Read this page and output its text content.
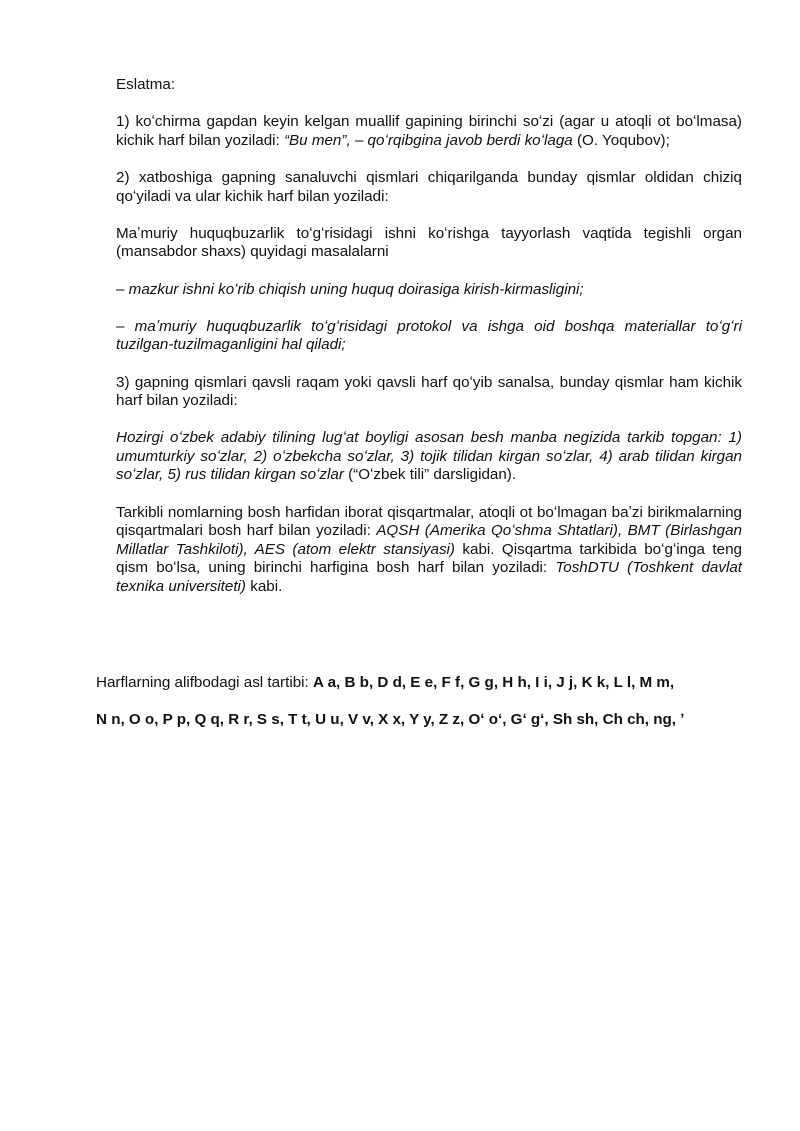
Eslatma:

1) koʻchirma gapdan keyin kelgan muallif gapining birinchi soʻzi (agar u atoqli ot boʻlmasa) kichik harf bilan yoziladi: “Bu men”, – qoʻrqibgina javob berdi koʻlaga (O. Yoqubov);

2) xatboshiga gapning sanaluvchi qismlari chiqarilganda bunday qismlar oldidan chiziq qoʻyiladi va ular kichik harf bilan yoziladi:

Maʼmuriy huquqbuzarlik toʻgʻrisidagi ishni koʻrishga tayyorlash vaqtida tegishli organ (mansabdor shaxs) quyidagi masalalarni

– mazkur ishni koʻrib chiqish uning huquq doirasiga kirish-kirmasligini;

– maʼmuriy huquqbuzarlik toʻgʻrisidagi protokol va ishga oid boshqa materiallar toʻgʻri tuzilgan-tuzilmaganligini hal qiladi;

3) gapning qismlari qavsli raqam yoki qavsli harf qoʻyib sanalsa, bunday qismlar ham kichik harf bilan yoziladi:

Hozirgi oʻzbek adabiy tilining lugʻat boyligi asosan besh manba negizida tarkib topgan: 1) umumturkiy soʻzlar, 2) oʻzbekcha soʻzlar, 3) tojik tilidan kirgan soʻzlar, 4) arab tilidan kirgan soʻzlar, 5) rus tilidan kirgan soʻzlar (“Oʻzbek tili” darsligidan).

Tarkibli nomlarning bosh harfidan iborat qisqartmalar, atoqli ot boʻlmagan baʼzi birikmalarning qisqartmalari bosh harf bilan yoziladi: AQSH (Amerika Qoʻshma Shtatlari), BMT (Birlashgan Millatlar Tashkiloti), AES (atom elektr stansiyasi) kabi. Qisqartma tarkibida boʻgʻinga teng qism boʻlsa, uning birinchi harfigina bosh harf bilan yoziladi: ToshDTU (Toshkent davlat texnika universiteti) kabi.

Harflarning alifbodagi asl tartibi: A a, B b, D d, E e, F f, G g, H h, I i, J j, K k, L l, M m,

N n, O o, P p, Q q, R r, S s, T t, U u, V v, X x, Y y, Z z, Oʻ oʻ, Gʻ gʻ, Sh sh, Ch ch, ng, ʼ
